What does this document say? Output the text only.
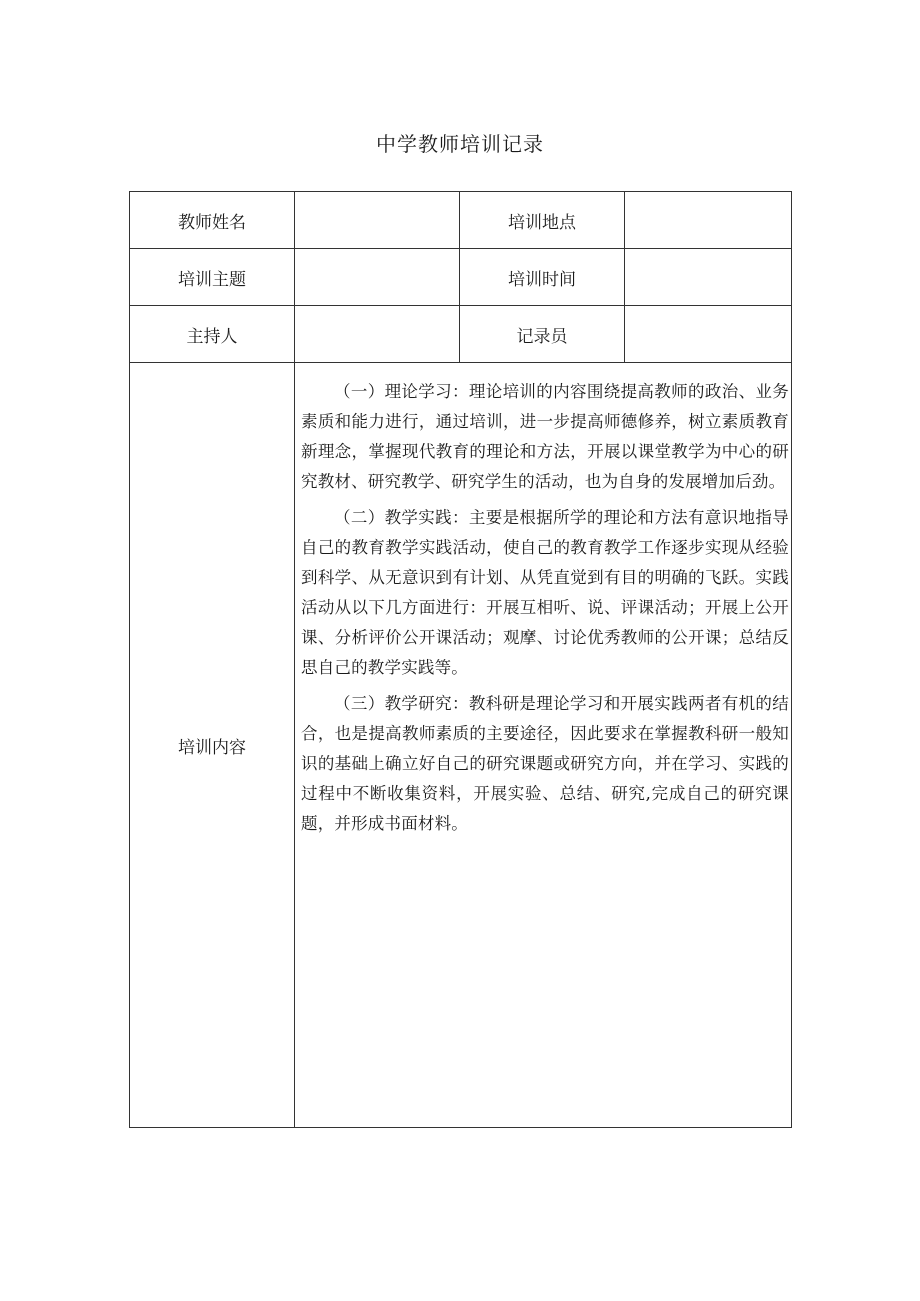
中学教师培训记录
教师姓名		培训地点	
培训主题		培训时间	
主持人		记录员	
培训内容	（一）理论学习：理论培训的内容围绕提高教师的政治、业务素质和能力进行，通过培训，进一步提高师德修养，树立素质教育新理念，掌握现代教育的理论和方法，开展以课堂教学为中心的研究教材、研究教学、研究学生的活动，也为自身的发展增加后劲。

（二）教学实践：主要是根据所学的理论和方法有意识地指导自己的教育教学实践活动，使自己的教育教学工作逐步实现从经验到科学、从无意识到有计划、从凭直觉到有目的明确的飞跃。实践活动从以下几方面进行：开展互相听、说、评课活动；开展上公开课、分析评价公开课活动；观摩、讨论优秀教师的公开课；总结反思自己的教学实践等。

（三）教学研究：教科研是理论学习和开展实践两者有机的结合，也是提高教师素质的主要途径，因此要求在掌握教科研一般知识的基础上确立好自己的研究课题或研究方向，并在学习、实践的过程中不断收集资料，开展实验、总结、研究,完成自己的研究课题，并形成书面材料。		
